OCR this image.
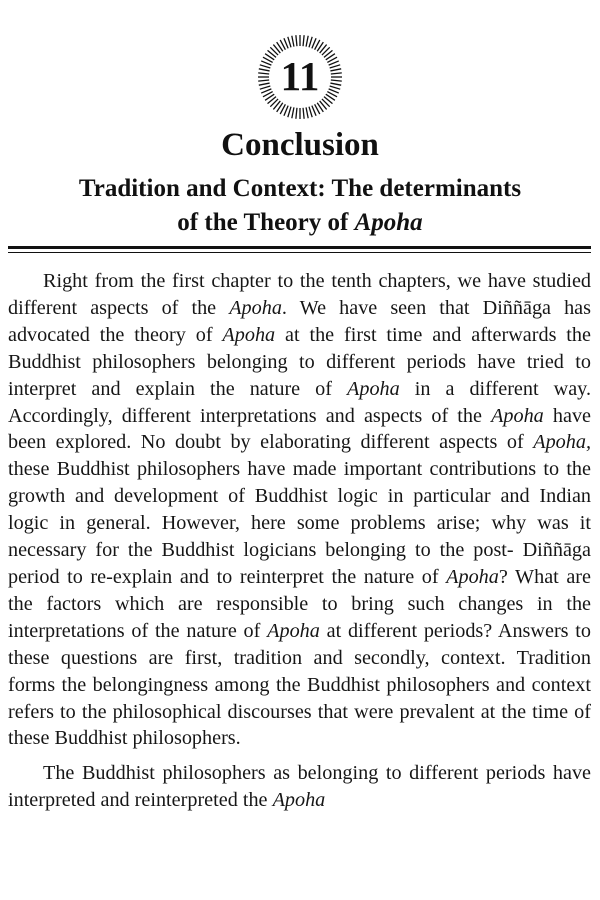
11
Conclusion
Tradition and Context: The determinants
of the Theory of Apoha

Right from the first chapter to the tenth chapters, we have studied different aspects of the Apoha. We have seen that Diññāga has advocated the theory of Apoha at the first time and afterwards the Buddhist philosophers belonging to different periods have tried to interpret and explain the nature of Apoha in a different way. Accordingly, different interpretations and aspects of the Apoha have been explored. No doubt by elaborating different aspects of Apoha, these Buddhist philosophers have made important contributions to the growth and development of Buddhist logic in particular and Indian logic in general. However, here some problems arise; why was it necessary for the Buddhist logicians belonging to the post- Diññāga period to re-explain and to reinterpret the nature of Apoha? What are the factors which are responsible to bring such changes in the interpretations of the nature of Apoha at different periods? Answers to these questions are first, tradition and secondly, context. Tradition forms the belongingness among the Buddhist philosophers and context refers to the philosophical discourses that were prevalent at the time of these Buddhist philosophers.

The Buddhist philosophers as belonging to different periods have interpreted and reinterpreted the Apoha
